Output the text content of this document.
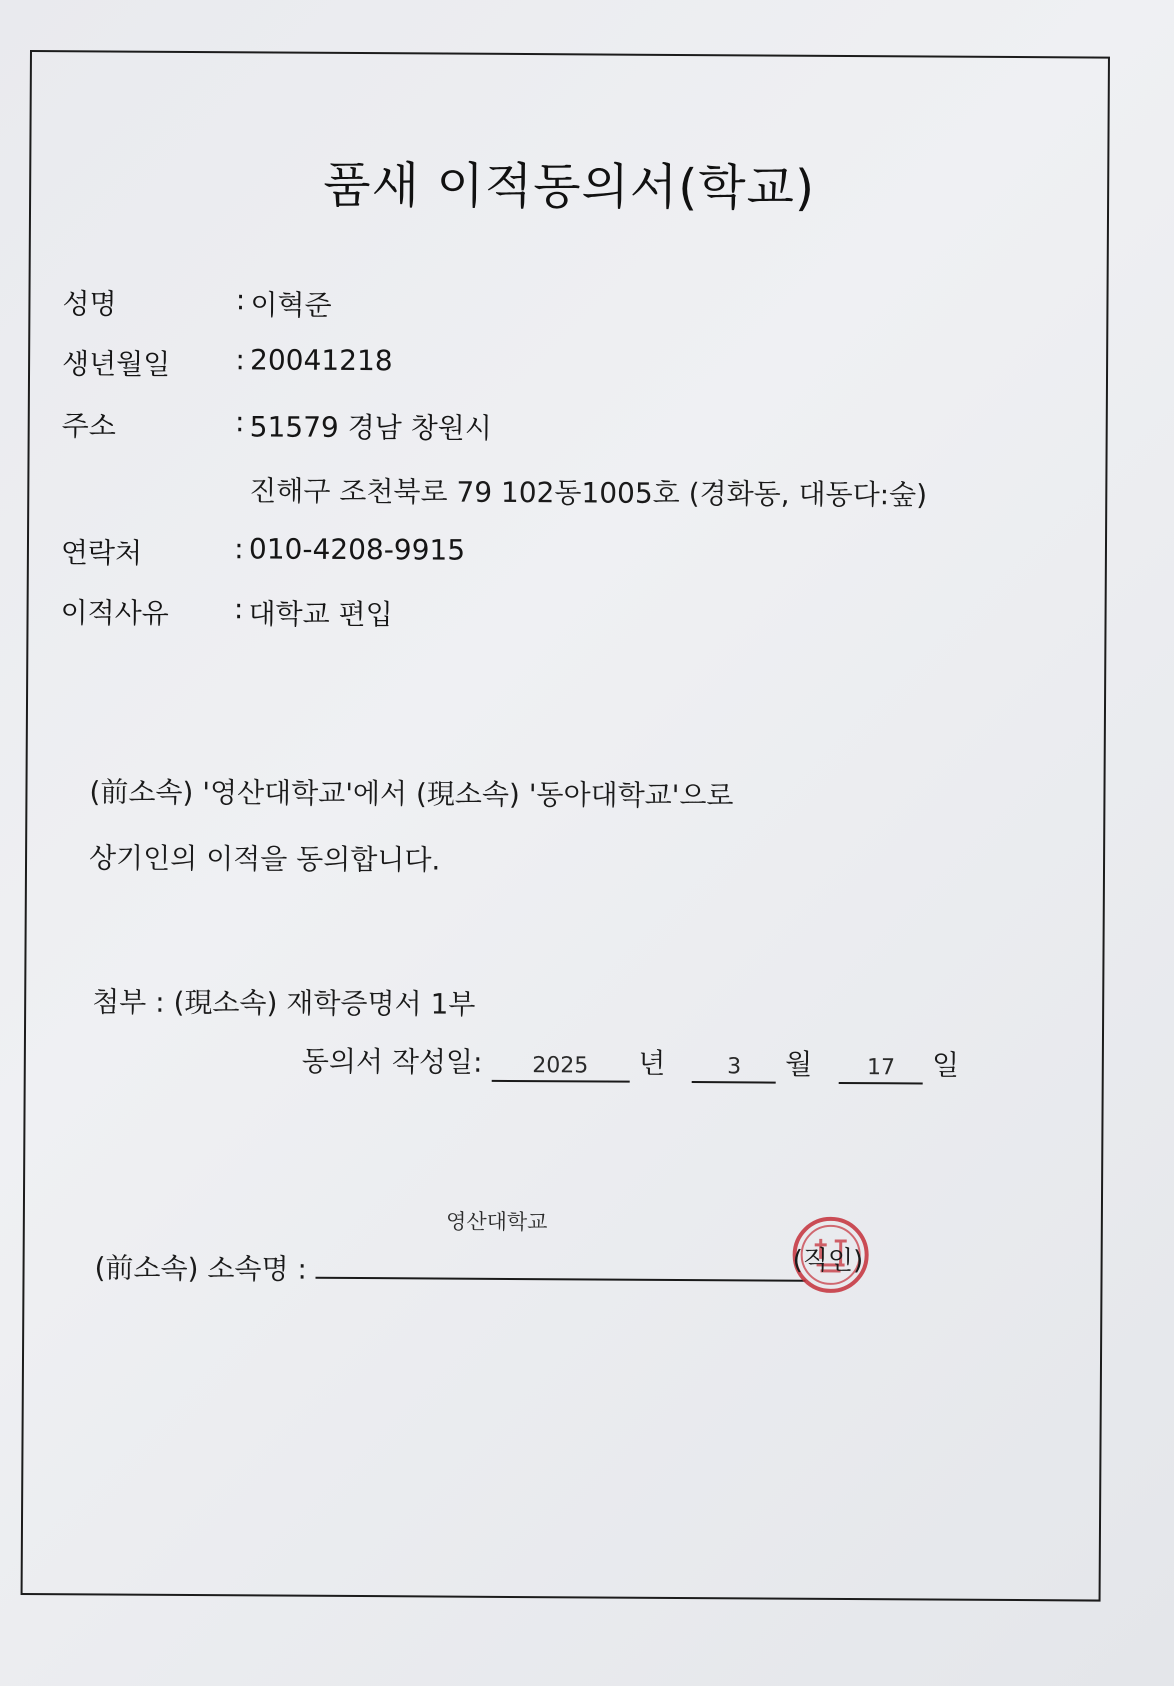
품새 이적동의서(학교)
성명	: 이혁준
생년월일 : 20041218
주소	: 51579 경남 창원시
진해구 조천북로 79 102동1005호 (경화동, 대동다:숲)
연락처	: 010-4208-9915
이적사유 : 대학교 편입
(前소속) '영산대학교'에서 (現소속) '동아대학교'으로
상기인의 이적을 동의합니다.
첨부 : (現소속) 재학증명서 1부
동의서 작성일: 2025 년	3 월 17 일
(前소속) 소속명 :
영산대학교
(직인)
